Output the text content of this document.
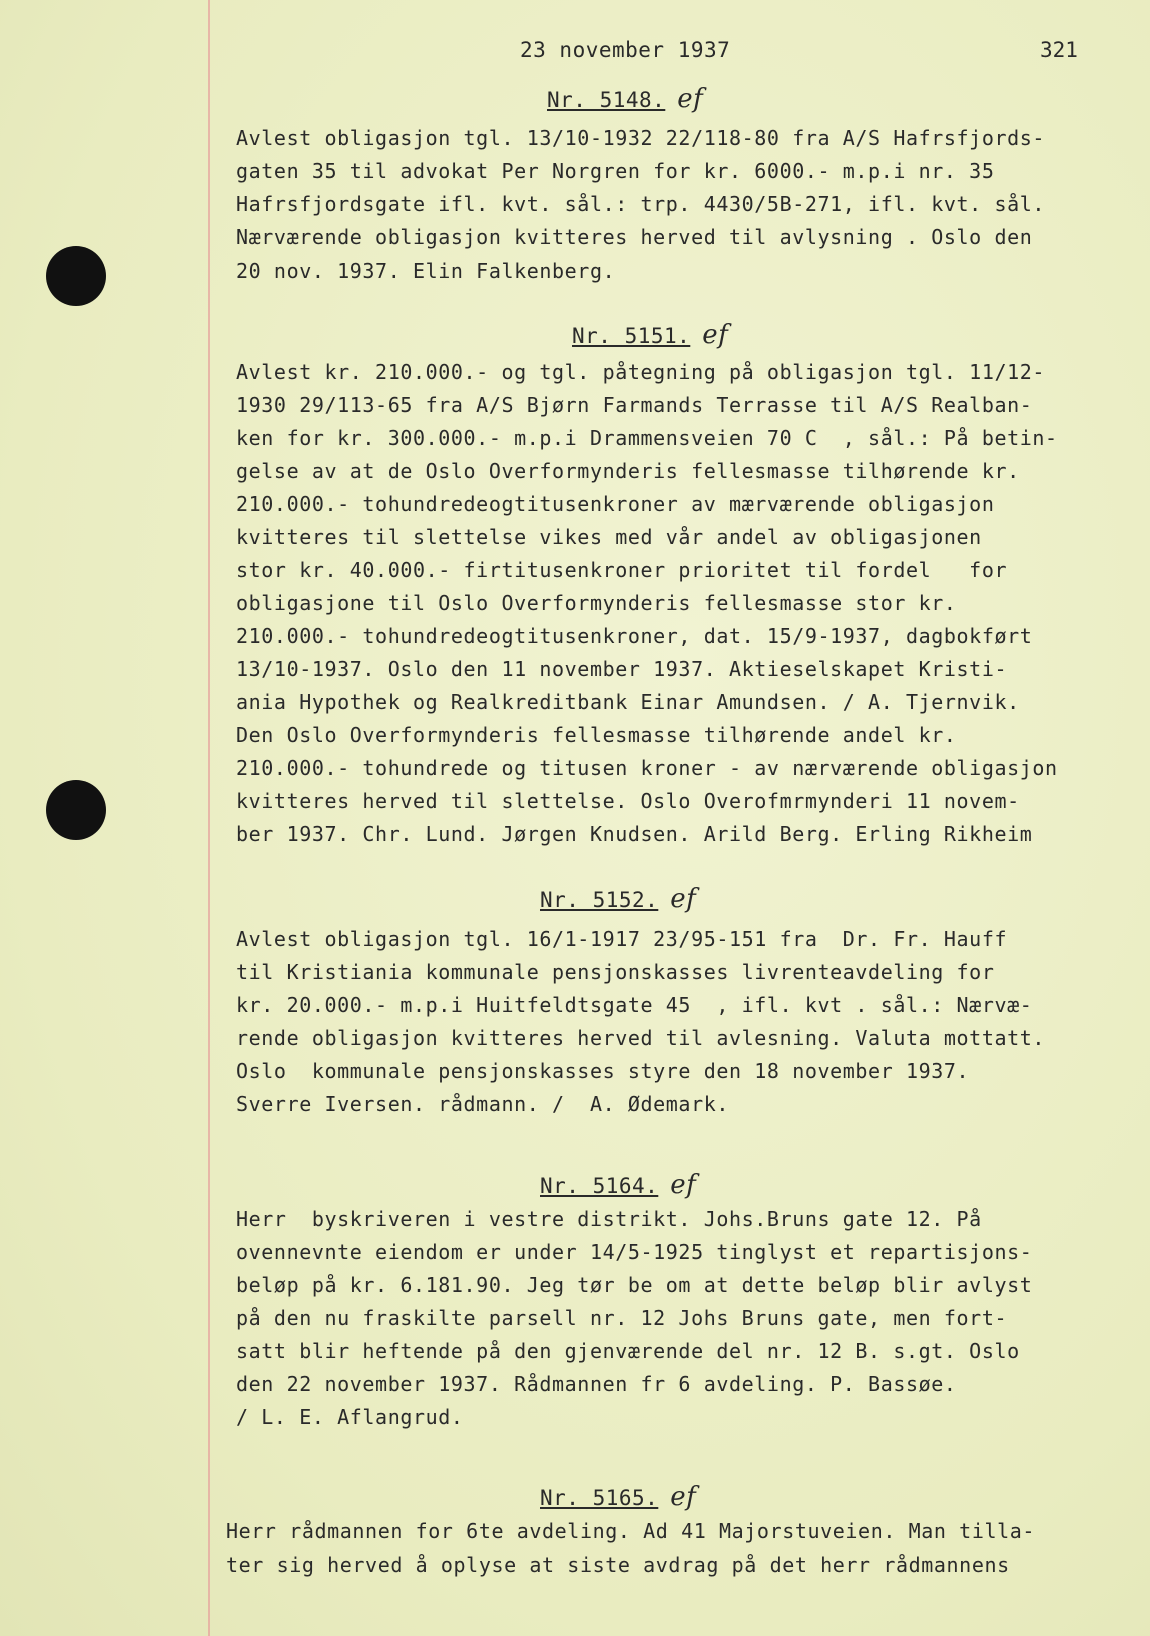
23 november 1937	321
Nr. 5148. ef
Avlest obligasjon tgl. 13/10-1932 22/118-80 fra A/S Hafrsfjords-
gaten 35 til advokat Per Norgren for kr. 6000.- m.p.i nr. 35
Hafrsfjordsgate ifl. kvt. sål.: trp. 4430/5B-271, ifl. kvt. sål.
Nærværende obligasjon kvitteres herved til avlysning . Oslo den
20 nov. 1937. Elin Falkenberg.
Nr. 5151. ef
Avlest kr. 210.000.- og tgl. påtegning på obligasjon tgl. 11/12-
1930 29/113-65 fra A/S Bjørn Farmands Terrasse til A/S Realban-
ken for kr. 300.000.- m.p.i Drammensveien 70 C  , sål.: På betin-
gelse av at de Oslo Overformynderis fellesmasse tilhørende kr.
210.000.- tohundredeogtitusenkroner av mærværende obligasjon
kvitteres til slettelse vikes med vår andel av obligasjonen
stor kr. 40.000.- firtitusenkroner prioritet til fordel   for
obligasjone til Oslo Overformynderis fellesmasse stor kr.
210.000.- tohundredeogtitusenkroner, dat. 15/9-1937, dagbokført
13/10-1937. Oslo den 11 november 1937. Aktieselskapet Kristi-
ania Hypothek og Realkreditbank Einar Amundsen. / A. Tjernvik.
Den Oslo Overformynderis fellesmasse tilhørende andel kr.
210.000.- tohundrede og titusen kroner - av nærværende obligasjon
kvitteres herved til slettelse. Oslo Overofmrmynderi 11 novem-
ber 1937. Chr. Lund. Jørgen Knudsen. Arild Berg. Erling Rikheim
Nr. 5152. ef
Avlest obligasjon tgl. 16/1-1917 23/95-151 fra  Dr. Fr. Hauff
til Kristiania kommunale pensjonskasses livrenteavdeling for
kr. 20.000.- m.p.i Huitfeldtsgate 45  , ifl. kvt . sål.: Nærvæ-
rende obligasjon kvitteres herved til avlesning. Valuta mottatt.
Oslo  kommunale pensjonskasses styre den 18 november 1937.
Sverre Iversen. rådmann. /  A. Ødemark.
Nr. 5164. ef
Herr  byskriveren i vestre distrikt. Johs.Bruns gate 12. På
ovennevnte eiendom er under 14/5-1925 tinglyst et repartisjons-
beløp på kr. 6.181.90. Jeg tør be om at dette beløp blir avlyst
på den nu fraskilte parsell nr. 12 Johs Bruns gate, men fort-
satt blir heftende på den gjenværende del nr. 12 B. s.gt. Oslo
den 22 november 1937. Rådmannen fr 6 avdeling. P. Bassøe.
/ L. E. Aflangrud.
Nr. 5165. ef
Herr rådmannen for 6te avdeling. Ad 41 Majorstuveien. Man tilla-
ter sig herved å oplyse at siste avdrag på det herr rådmannens
